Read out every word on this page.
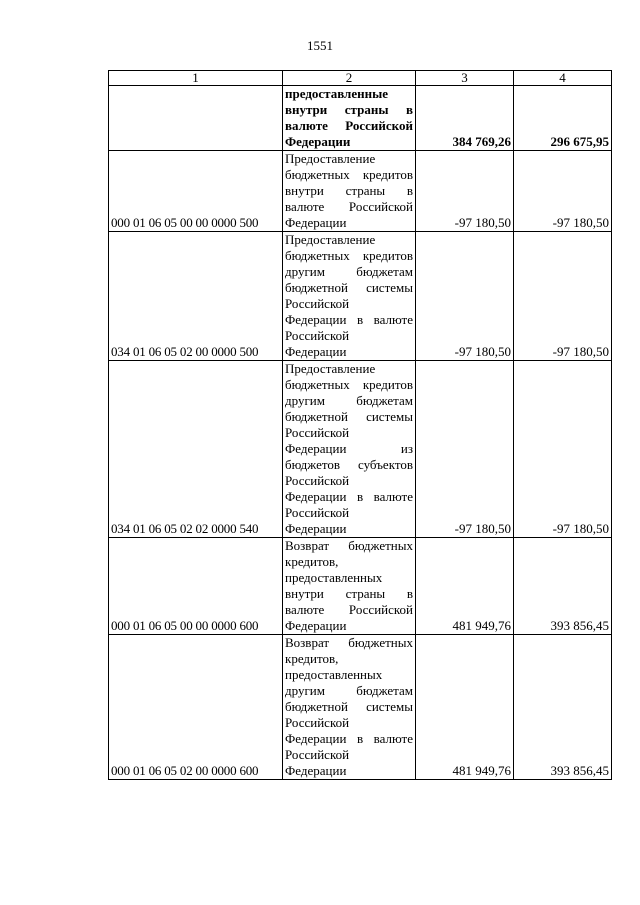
1551
1	2	3	4
	предоставленные внутри страны в валюте Российской Федерации	384 769,26	296 675,95
000 01 06 05 00 00 0000 500	Предоставление бюджетных кредитов внутри страны в валюте Российской Федерации	-97 180,50	-97 180,50
034 01 06 05 02 00 0000 500	Предоставление бюджетных кредитов другим бюджетам бюджетной системы Российской Федерации в валюте Российской Федерации	-97 180,50	-97 180,50
034 01 06 05 02 02 0000 540	Предоставление бюджетных кредитов другим бюджетам бюджетной системы Российской Федерации из бюджетов субъектов Российской Федерации в валюте Российской Федерации	-97 180,50	-97 180,50
000 01 06 05 00 00 0000 600	Возврат бюджетных кредитов, предоставленных внутри страны в валюте Российской Федерации	481 949,76	393 856,45
000 01 06 05 02 00 0000 600	Возврат бюджетных кредитов, предоставленных другим бюджетам бюджетной системы Российской Федерации в валюте Российской Федерации	481 949,76	393 856,45
